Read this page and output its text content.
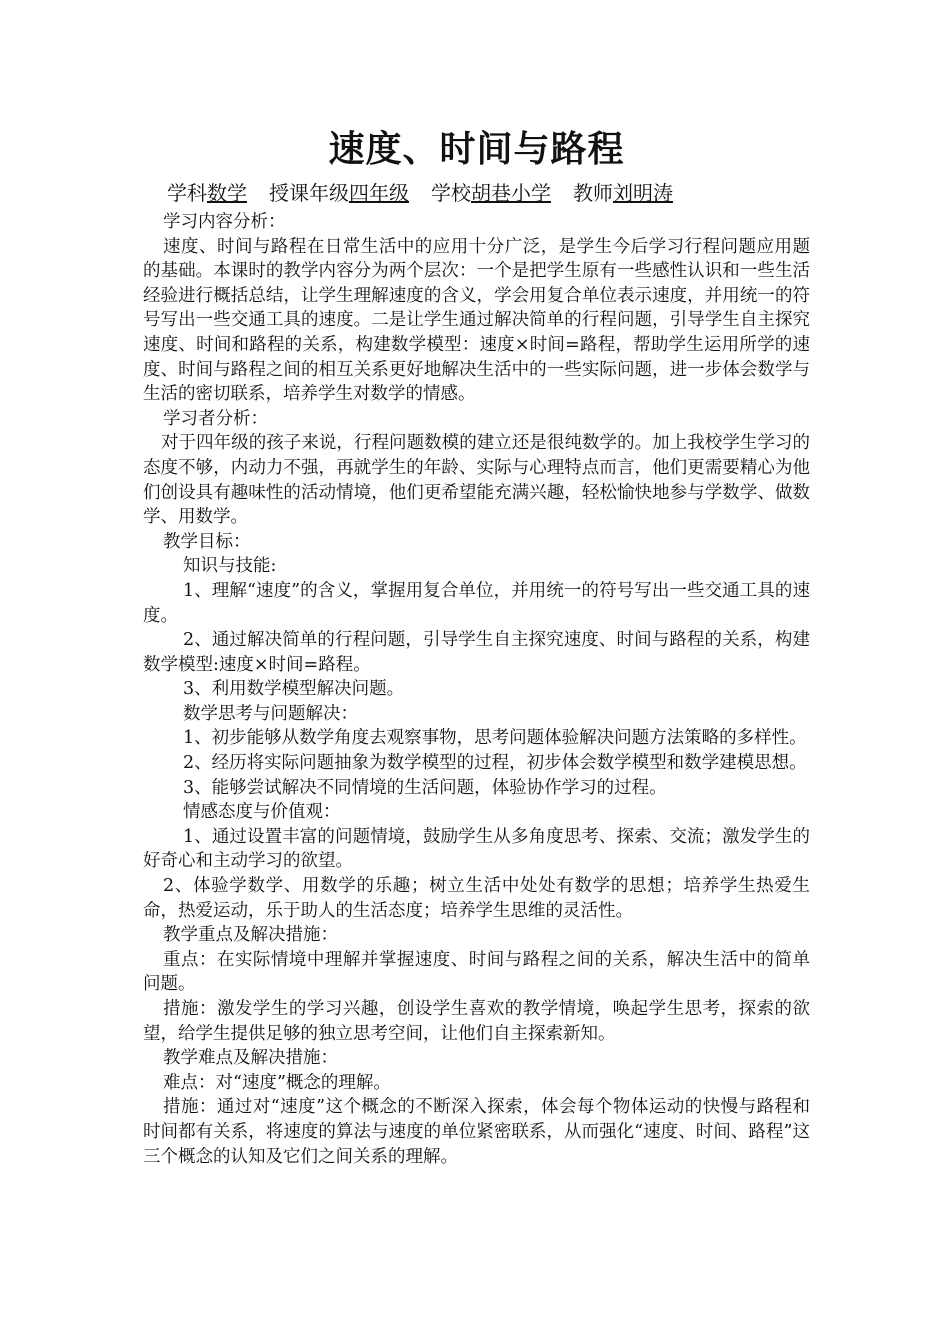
速度、时间与路程
学科数学 授课年级四年级 学校胡巷小学 教师刘明涛

学习内容分析：

速度、时间与路程在日常生活中的应用十分广泛，是学生今后学习行程问题应用题的基础。本课时的教学内容分为两个层次：一个是把学生原有一些感性认识和一些生活经验进行概括总结，让学生理解速度的含义，学会用复合单位表示速度，并用统一的符号写出一些交通工具的速度。二是让学生通过解决简单的行程问题，引导学生自主探究速度、时间和路程的关系，构建数学模型：速度×时间=路程，帮助学生运用所学的速度、时间与路程之间的相互关系更好地解决生活中的一些实际问题，进一步体会数学与生活的密切联系，培养学生对数学的情感。

学习者分析：

对于四年级的孩子来说，行程问题数模的建立还是很纯数学的。加上我校学生学习的态度不够，内动力不强，再就学生的年龄、实际与心理特点而言，他们更需要精心为他们创设具有趣味性的活动情境，他们更希望能充满兴趣，轻松愉快地参与学数学、做数学、用数学。

教学目标：

知识与技能:

1、理解“速度”的含义，掌握用复合单位，并用统一的符号写出一些交通工具的速度。

2、通过解决简单的行程问题，引导学生自主探究速度、时间与路程的关系，构建数学模型:速度×时间=路程。

3、利用数学模型解决问题。

数学思考与问题解决：

1、初步能够从数学角度去观察事物，思考问题体验解决问题方法策略的多样性。

2、经历将实际问题抽象为数学模型的过程，初步体会数学模型和数学建模思想。

3、能够尝试解决不同情境的生活问题，体验协作学习的过程。

情感态度与价值观：

1、通过设置丰富的问题情境，鼓励学生从多角度思考、探索、交流；激发学生的好奇心和主动学习的欲望。

2、体验学数学、用数学的乐趣；树立生活中处处有数学的思想；培养学生热爱生命，热爱运动，乐于助人的生活态度；培养学生思维的灵活性。

教学重点及解决措施：

重点：在实际情境中理解并掌握速度、时间与路程之间的关系，解决生活中的简单问题。

措施：激发学生的学习兴趣，创设学生喜欢的教学情境，唤起学生思考，探索的欲望，给学生提供足够的独立思考空间，让他们自主探索新知。

教学难点及解决措施：

难点：对“速度”概念的理解。

措施：通过对“速度”这个概念的不断深入探索，体会每个物体运动的快慢与路程和时间都有关系，将速度的算法与速度的单位紧密联系，从而强化“速度、时间、路程”这三个概念的认知及它们之间关系的理解。
